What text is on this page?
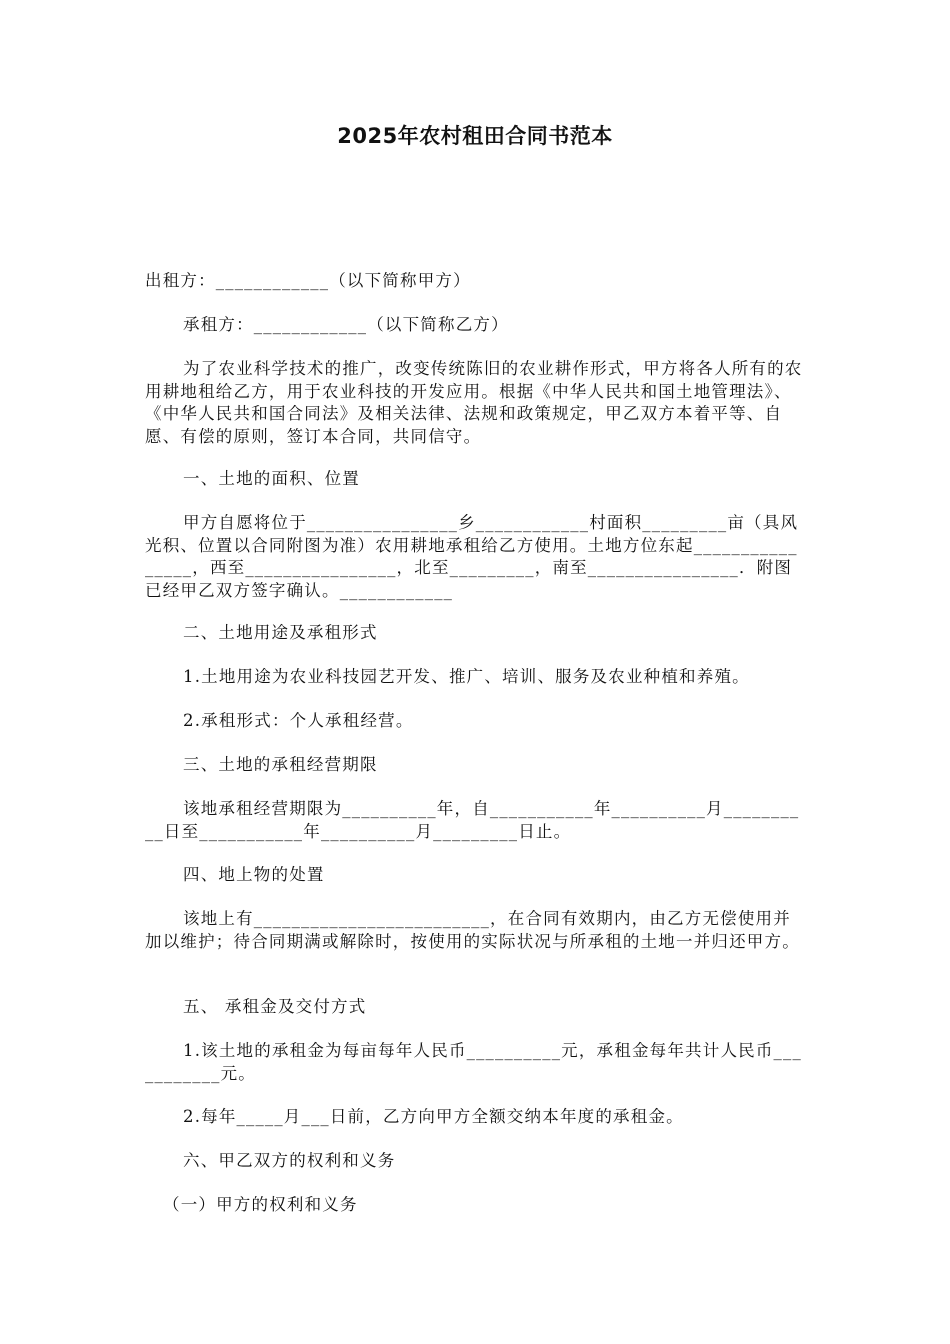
2025年农村租田合同书范本
出租方：____________（以下简称甲方）
承租方：____________（以下简称乙方）
为了农业科学技术的推广，改变传统陈旧的农业耕作形式，甲方将各人所有的农用耕地租给乙方，用于农业科技的开发应用。根据《中华人民共和国土地管理法》、《中华人民共和国合同法》及相关法律、法规和政策规定，甲乙双方本着平等、自愿、有偿的原则，签订本合同，共同信守。
一、土地的面积、位置
甲方自愿将位于________________乡____________村面积_________亩（具风光积、位置以合同附图为准）农用耕地承租给乙方使用。土地方位东起________________，西至________________，北至_________，南至________________．附图已经甲乙双方签字确认。____________
二、土地用途及承租形式
1.土地用途为农业科技园艺开发、推广、培训、服务及农业种植和养殖。
2.承租形式：个人承租经营。
三、土地的承租经营期限
该地承租经营期限为__________年，自___________年__________月__________日至___________年__________月_________日止。
四、地上物的处置
该地上有_________________________，在合同有效期内，由乙方无偿使用并加以维护；待合同期满或解除时，按使用的实际状况与所承租的土地一并归还甲方。
五、 承租金及交付方式
1.该土地的承租金为每亩每年人民币__________元，承租金每年共计人民币___________元。
2.每年_____月___日前，乙方向甲方全额交纳本年度的承租金。
六、甲乙双方的权利和义务
（一）甲方的权利和义务
